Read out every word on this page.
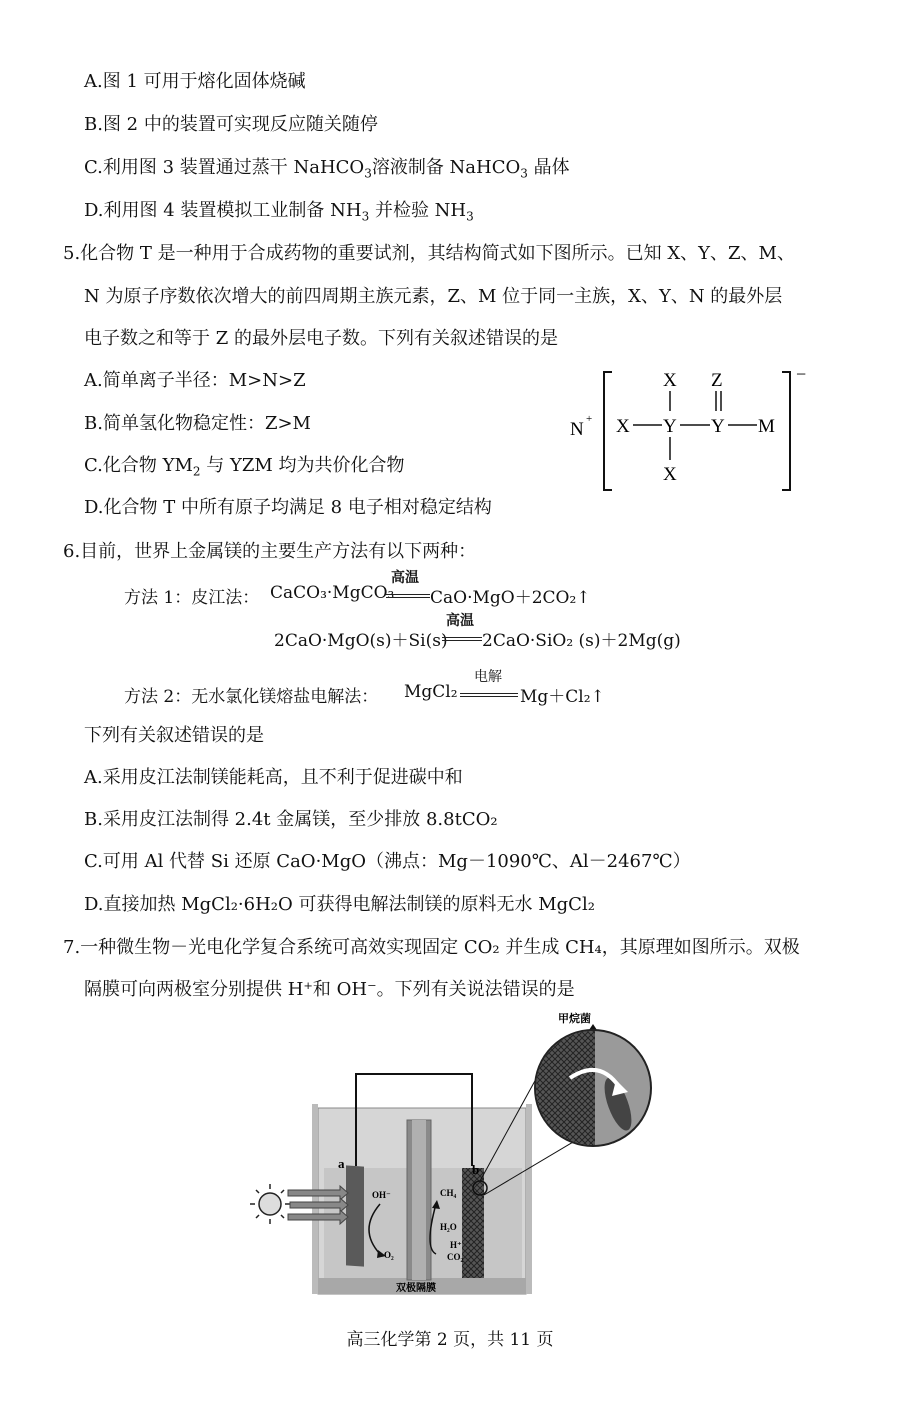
A.图 1 可用于熔化固体烧碱
B.图 2 中的装置可实现反应随关随停
C.利用图 3 装置通过蒸干 NaHCO$_3$溶液制备 NaHCO$_3$ 晶体
D.利用图 4 装置模拟工业制备 $NH_3$ 并检验 $NH_3$
5.化合物 T 是一种用于合成药物的重要试剂，其结构简式如下图所示。已知 X、Y、Z、M、
N 为原子序数依次增大的前四周期主族元素，Z、M 位于同一主族，X、Y、N 的最外层
电子数之和等于 Z 的最外层电子数。下列有关叙述错误的是
A.简单离子半径：M>N>Z
B.简单氢化物稳定性：Z>M
C.化合物 $YM_2$ 与 YZM 均为共价化合物
D.化合物 T 中所有原子均满足 8 电子相对稳定结构
N +
−
X Y Y M
X
X
Z
6.目前，世界上金属镁的主要生产方法有以下两种：
方法 1：皮江法： CaCO₃·MgCO₃
高温
CaO·MgO＋2CO₂↑
2CaO·MgO(s)＋Si(s)
高温
2CaO·SiO₂ (s)＋2Mg(g)
方法 2：无水氯化镁熔盐电解法： MgCl₂
电解
Mg＋Cl₂↑
下列有关叙述错误的是
A.采用皮江法制镁能耗高，且不利于促进碳中和
B.采用皮江法制得 2.4t 金属镁，至少排放 8.8tCO₂
C.可用 Al 代替 Si 还原 CaO·MgO（沸点：Mg－1090℃、Al－2467℃）
D.直接加热 MgCl₂·6H₂O 可获得电解法制镁的原料无水 MgCl₂
7.一种微生物－光电化学复合系统可高效实现固定 CO₂ 并生成 CH₄，其原理如图所示。双极
隔膜可向两极室分别提供 H⁺和 OH⁻。下列有关说法错误的是
甲烷菌
a	b
OH⁻
O₂
CH₄
H₂O
H⁺
CO₂
双极隔膜
高三化学第 2 页，共 11 页
